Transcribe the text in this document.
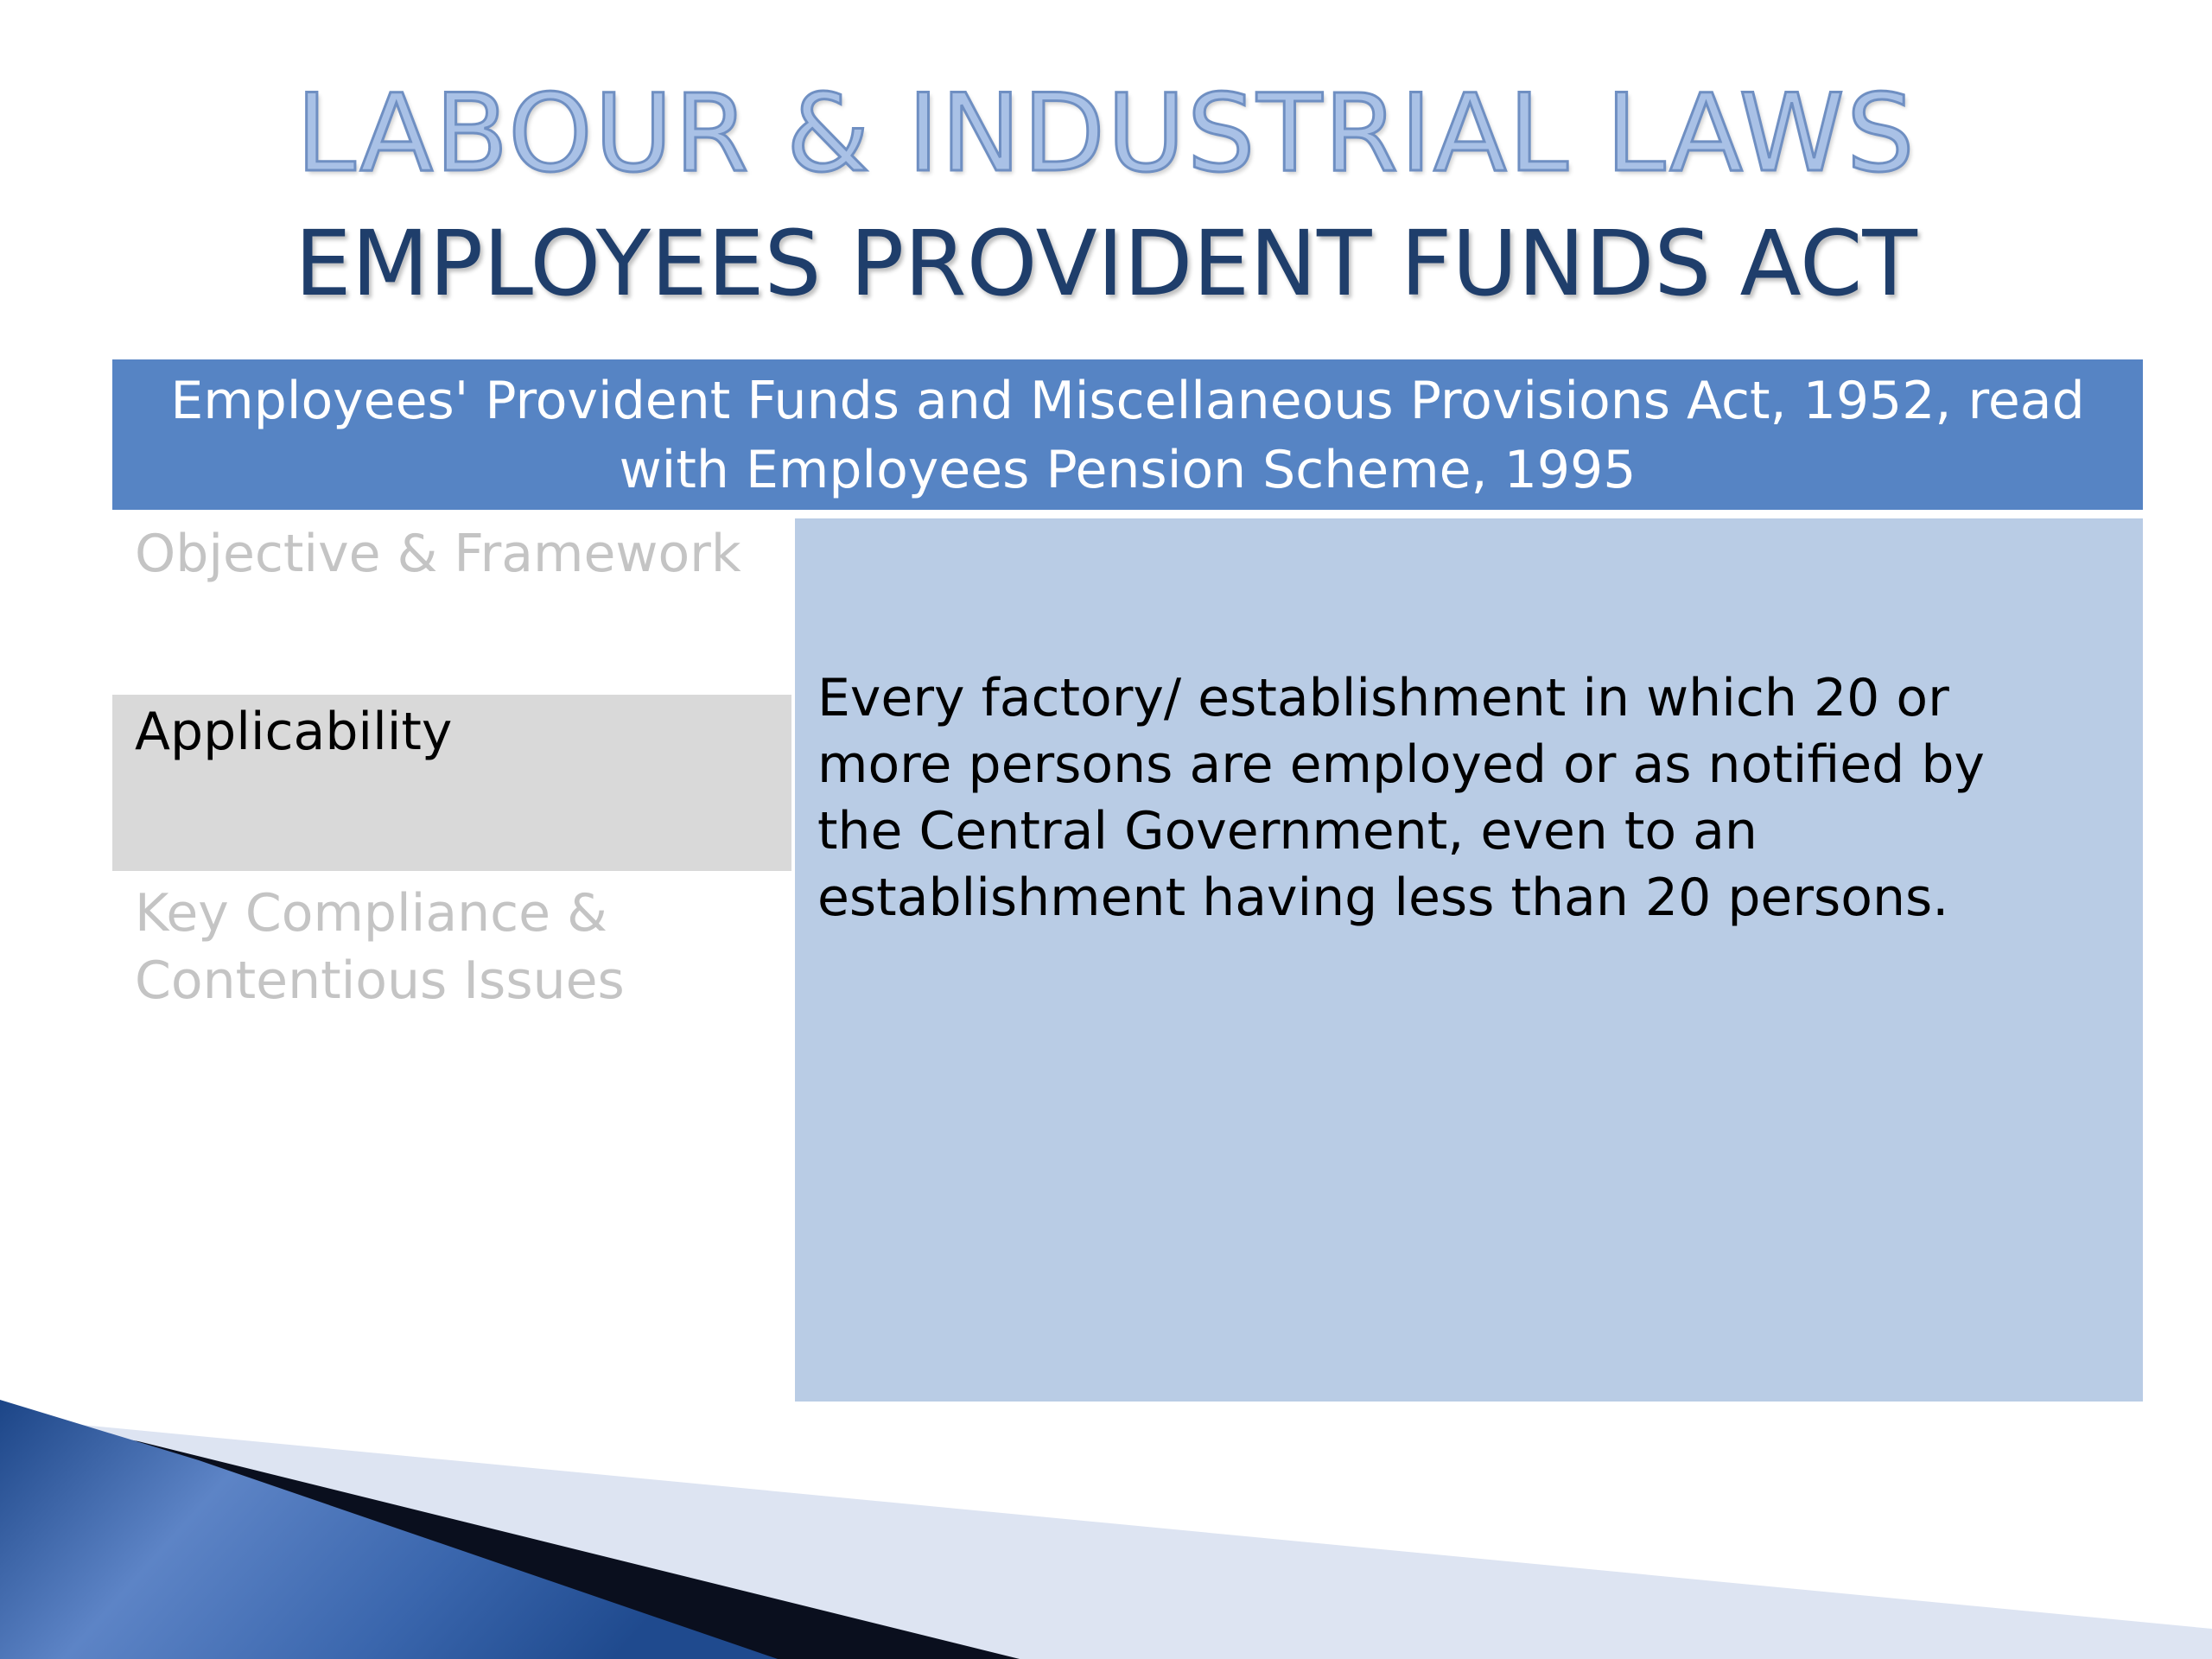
LABOUR & INDUSTRIAL LAWS
EMPLOYEES PROVIDENT FUNDS ACT
Employees' Provident Funds and Miscellaneous Provisions Act, 1952, read
with Employees Pension Scheme, 1995
Objective & Framework
Applicability
Key Compliance &
Contentious Issues
Every factory/ establishment in which 20 or
more persons are employed or as notified by
the Central Government, even to an
establishment having less than 20 persons.
